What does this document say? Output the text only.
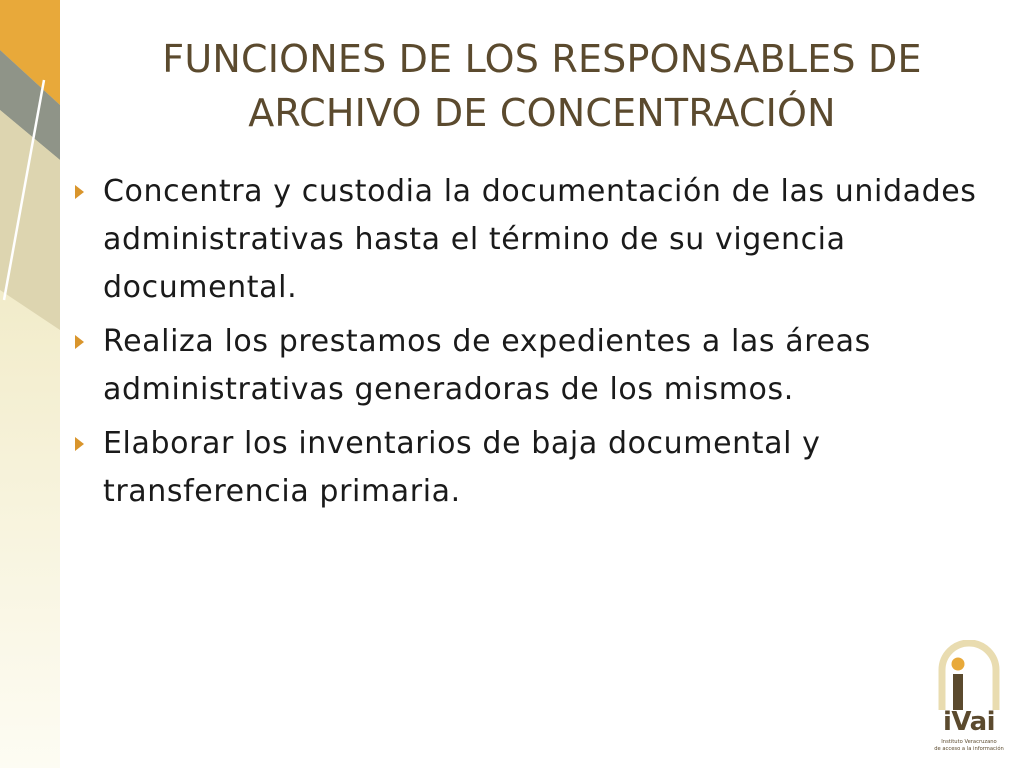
FUNCIONES DE LOS RESPONSABLES DE
ARCHIVO DE CONCENTRACIÓN
Concentra y custodia la documentación de las unidades administrativas hasta el término de su vigencia documental.
Realiza los prestamos de expedientes a las áreas administrativas generadoras de los mismos.
Elaborar los inventarios de baja documental y transferencia primaria.
iVai
Instituto Veracruzano
de acceso a la información
